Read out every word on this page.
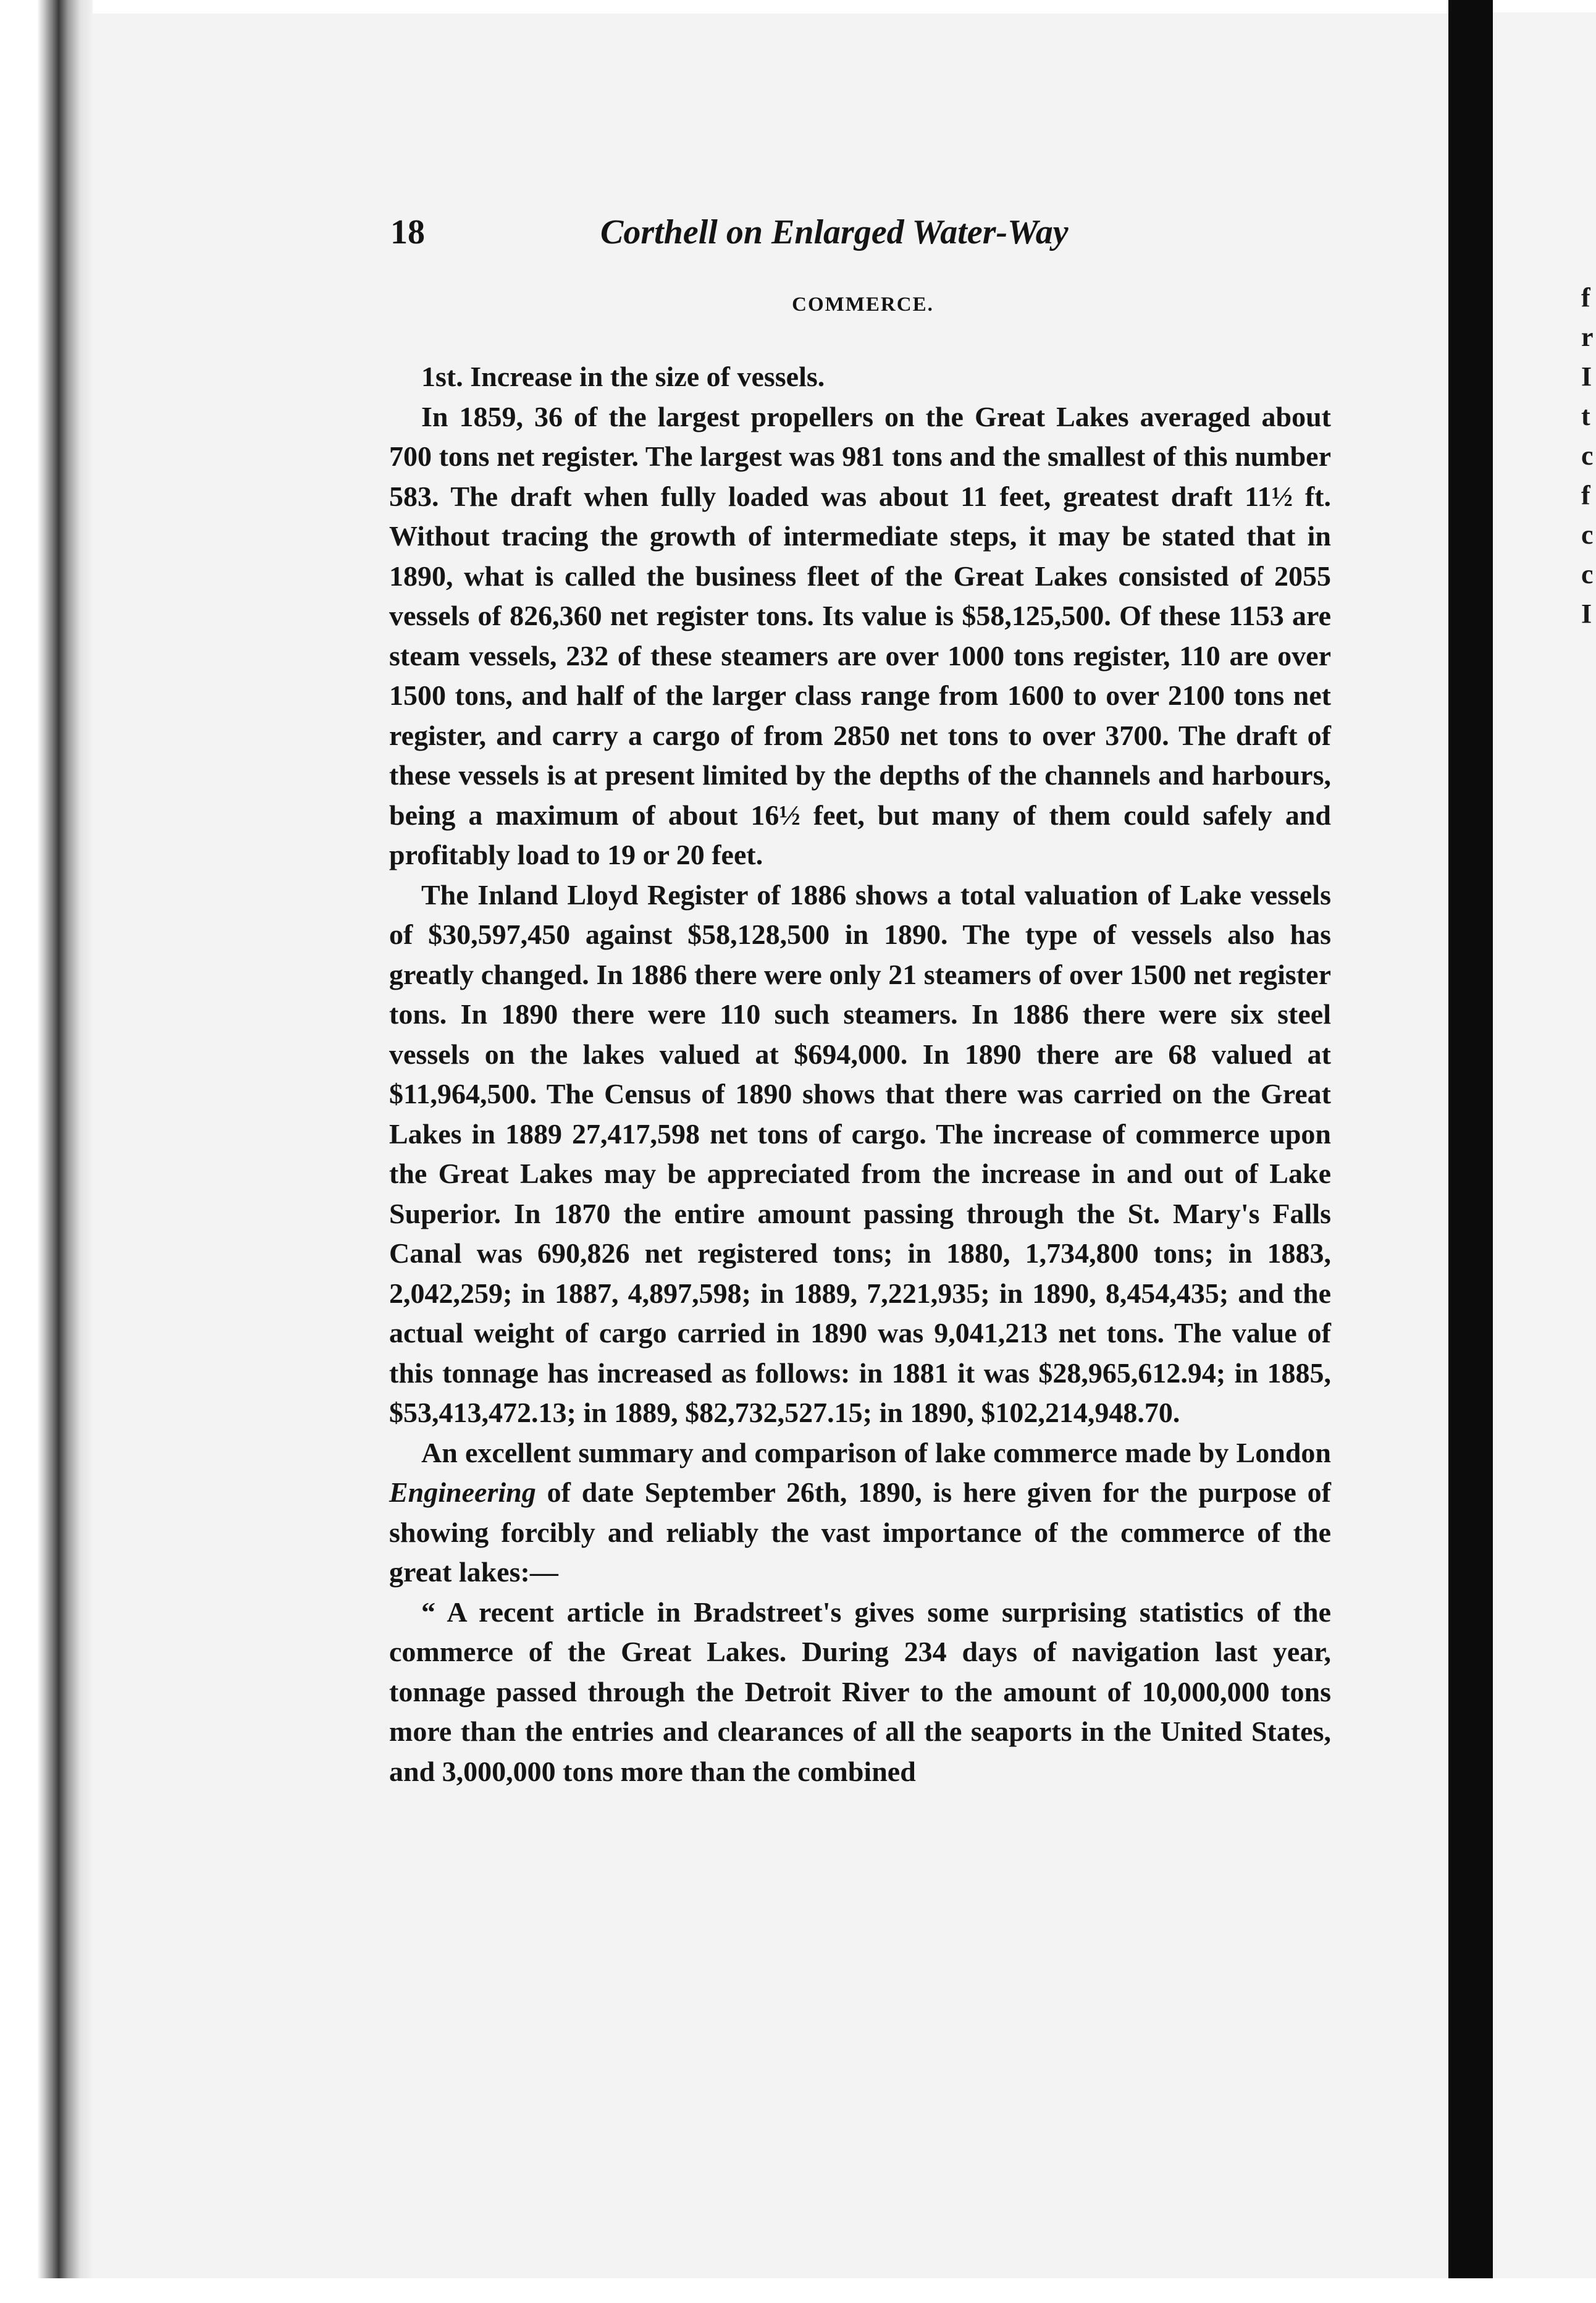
f
r
I
t
c
f
c
c
I
18	Corthell on Enlarged Water-Way
COMMERCE.

1st. Increase in the size of vessels.

In 1859, 36 of the largest propellers on the Great Lakes averaged about 700 tons net register. The largest was 981 tons and the smallest of this number 583. The draft when fully loaded was about 11 feet, greatest draft 11½ ft. Without tracing the growth of intermediate steps, it may be stated that in 1890, what is called the business fleet of the Great Lakes consisted of 2055 vessels of 826,360 net register tons. Its value is $58,125,500. Of these 1153 are steam vessels, 232 of these steamers are over 1000 tons register, 110 are over 1500 tons, and half of the larger class range from 1600 to over 2100 tons net register, and carry a cargo of from 2850 net tons to over 3700. The draft of these vessels is at present limited by the depths of the channels and harbours, being a maximum of about 16½ feet, but many of them could safely and profitably load to 19 or 20 feet.

The Inland Lloyd Register of 1886 shows a total valuation of Lake vessels of $30,597,450 against $58,128,500 in 1890. The type of vessels also has greatly changed. In 1886 there were only 21 steamers of over 1500 net register tons. In 1890 there were 110 such steamers. In 1886 there were six steel vessels on the lakes valued at $694,000. In 1890 there are 68 valued at $11,964,500. The Census of 1890 shows that there was carried on the Great Lakes in 1889 27,417,598 net tons of cargo. The increase of commerce upon the Great Lakes may be appreciated from the increase in and out of Lake Superior. In 1870 the entire amount passing through the St. Mary's Falls Canal was 690,826 net registered tons; in 1880, 1,734,800 tons; in 1883, 2,042,259; in 1887, 4,897,598; in 1889, 7,221,935; in 1890, 8,454,435; and the actual weight of cargo carried in 1890 was 9,041,213 net tons. The value of this tonnage has increased as follows: in 1881 it was $28,965,612.94; in 1885, $53,413,472.13; in 1889, $82,732,527.15; in 1890, $102,214,948.70.

An excellent summary and comparison of lake commerce made by London Engineering of date September 26th, 1890, is here given for the purpose of showing forcibly and reliably the vast importance of the commerce of the great lakes:—

“ A recent article in Bradstreet's gives some surprising statistics of the commerce of the Great Lakes. During 234 days of navigation last year, tonnage passed through the Detroit River to the amount of 10,000,000 tons more than the entries and clearances of all the seaports in the United States, and 3,000,000 tons more than the combined
